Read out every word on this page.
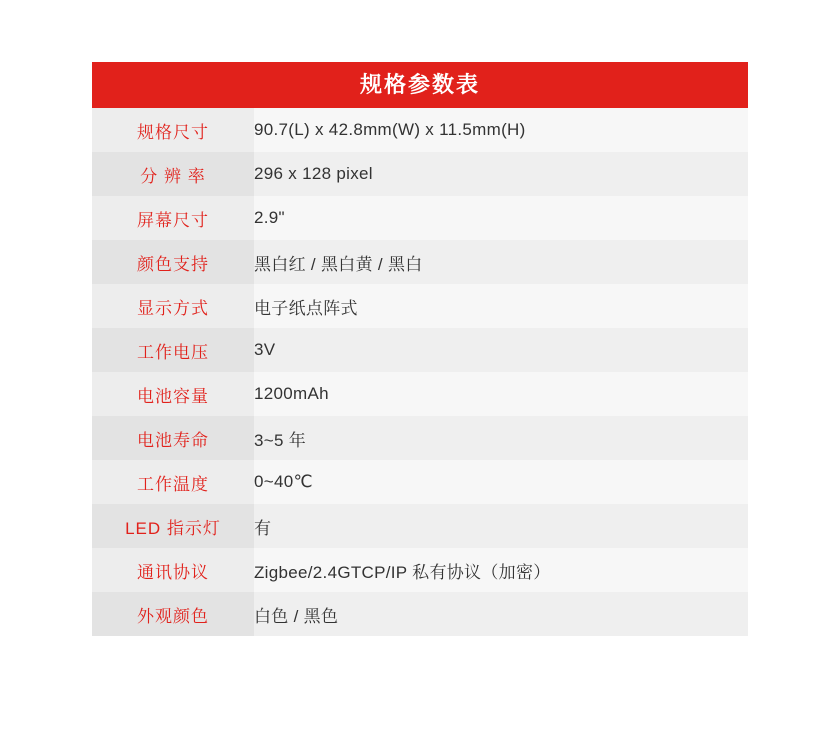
规格参数表
规格尺寸	90.7(L) x 42.8mm(W) x 11.5mm(H)
分 辨 率	296 x 128 pixel
屏幕尺寸	2.9"
颜色支持	黑白红 / 黑白黄 / 黑白
显示方式	电子纸点阵式
工作电压	3V
电池容量	1200mAh
电池寿命	3~5 年
工作温度	0~40℃
LED 指示灯	有
通讯协议	Zigbee/2.4GTCP/IP 私有协议（加密）
外观颜色	白色 / 黑色
